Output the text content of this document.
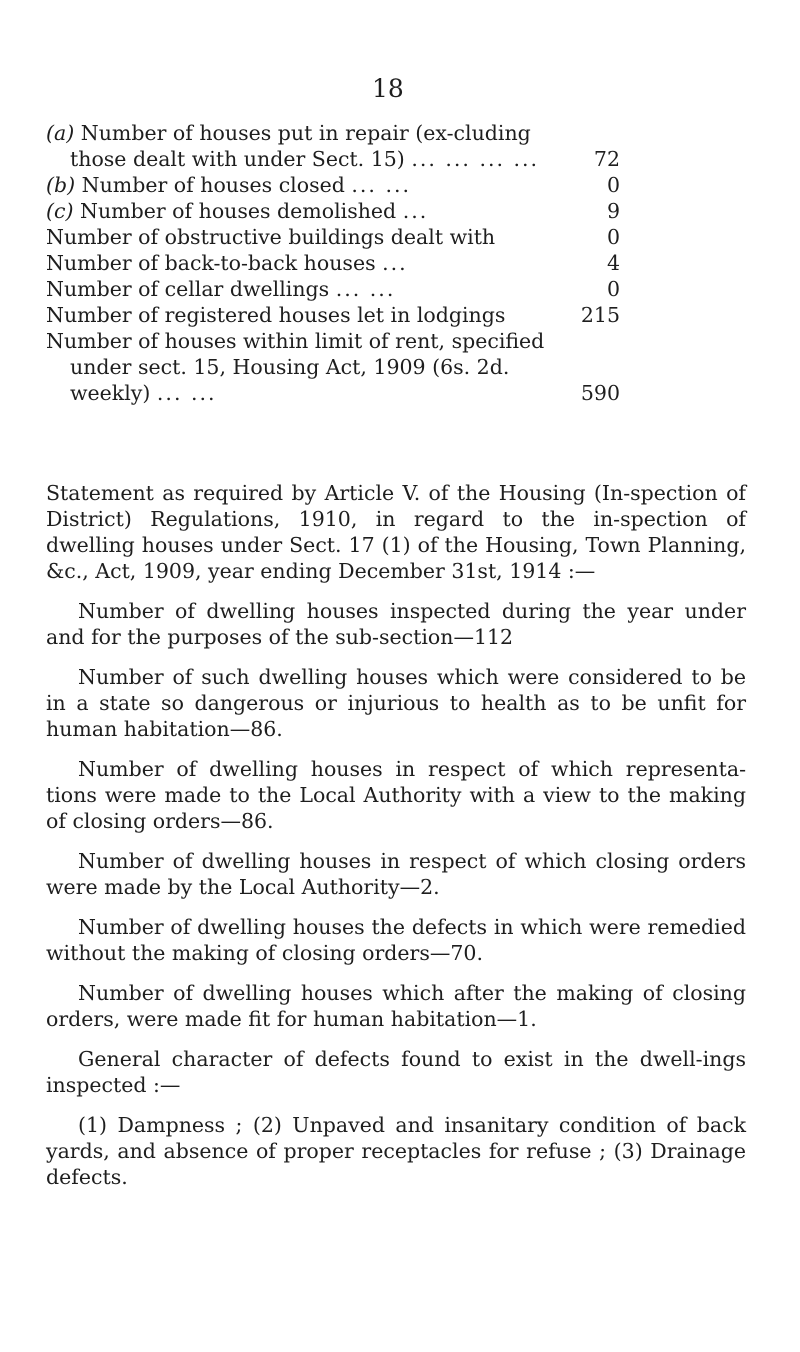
18
(a) Number of houses put in repair (ex-cluding those dealt with under Sect. 15) ... ... ... ...	72
(b) Number of houses closed ... ...	0
(c) Number of houses demolished ...	9
Number of obstructive buildings dealt with	0
Number of back-to-back houses ...	4
Number of cellar dwellings ... ...	0
Number of registered houses let in lodgings	215
Number of houses within limit of rent, specified under sect. 15, Housing Act, 1909 (6s. 2d. weekly) ... ...	590

Statement as required by Article V. of the Housing (In-spection of District) Regulations, 1910, in regard to the in-spection of dwelling houses under Sect. 17 (1) of the Housing, Town Planning, &c., Act, 1909, year ending December 31st, 1914 :—

Number of dwelling houses inspected during the year under and for the purposes of the sub-section—112

Number of such dwelling houses which were considered to be in a state so dangerous or injurious to health as to be unfit for human habitation—86.

Number of dwelling houses in respect of which representa-tions were made to the Local Authority with a view to the making of closing orders—86.

Number of dwelling houses in respect of which closing orders were made by the Local Authority—2.

Number of dwelling houses the defects in which were remedied without the making of closing orders—70.

Number of dwelling houses which after the making of closing orders, were made fit for human habitation—1.

General character of defects found to exist in the dwell-ings inspected :—

(1) Dampness ; (2) Unpaved and insanitary condition of back yards, and absence of proper receptacles for refuse ; (3) Drainage defects.
